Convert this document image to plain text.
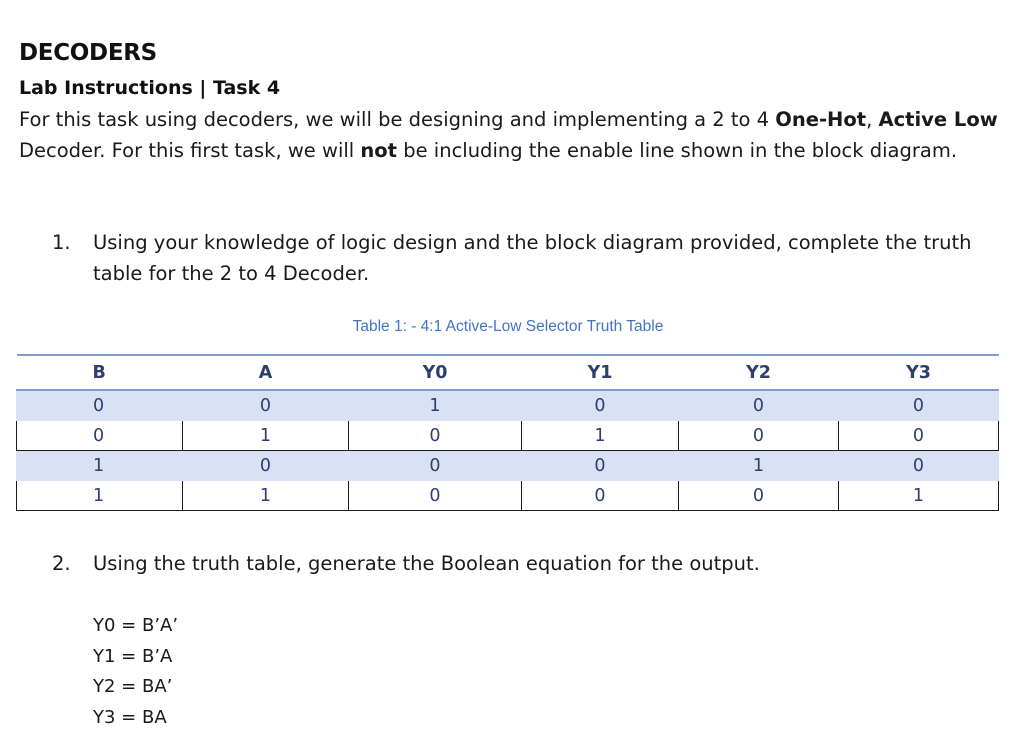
DECODERS
Lab Instructions | Task 4
For this task using decoders, we will be designing and implementing a 2 to 4 One-Hot, Active Low Decoder. For this first task, we will not be including the enable line shown in the block diagram.
1. Using your knowledge of logic design and the block diagram provided, complete the truth table for the 2 to 4 Decoder.
Table 1: - 4:1 Active-Low Selector Truth Table
B	A	Y0	Y1	Y2	Y3
0	0	1	0	0	0
0	1	0	1	0	0
1	0	0	0	1	0
1	1	0	0	0	1
2. Using the truth table, generate the Boolean equation for the output.
Y0 = B’A’
Y1 = B’A
Y2 = BA’
Y3 = BA
